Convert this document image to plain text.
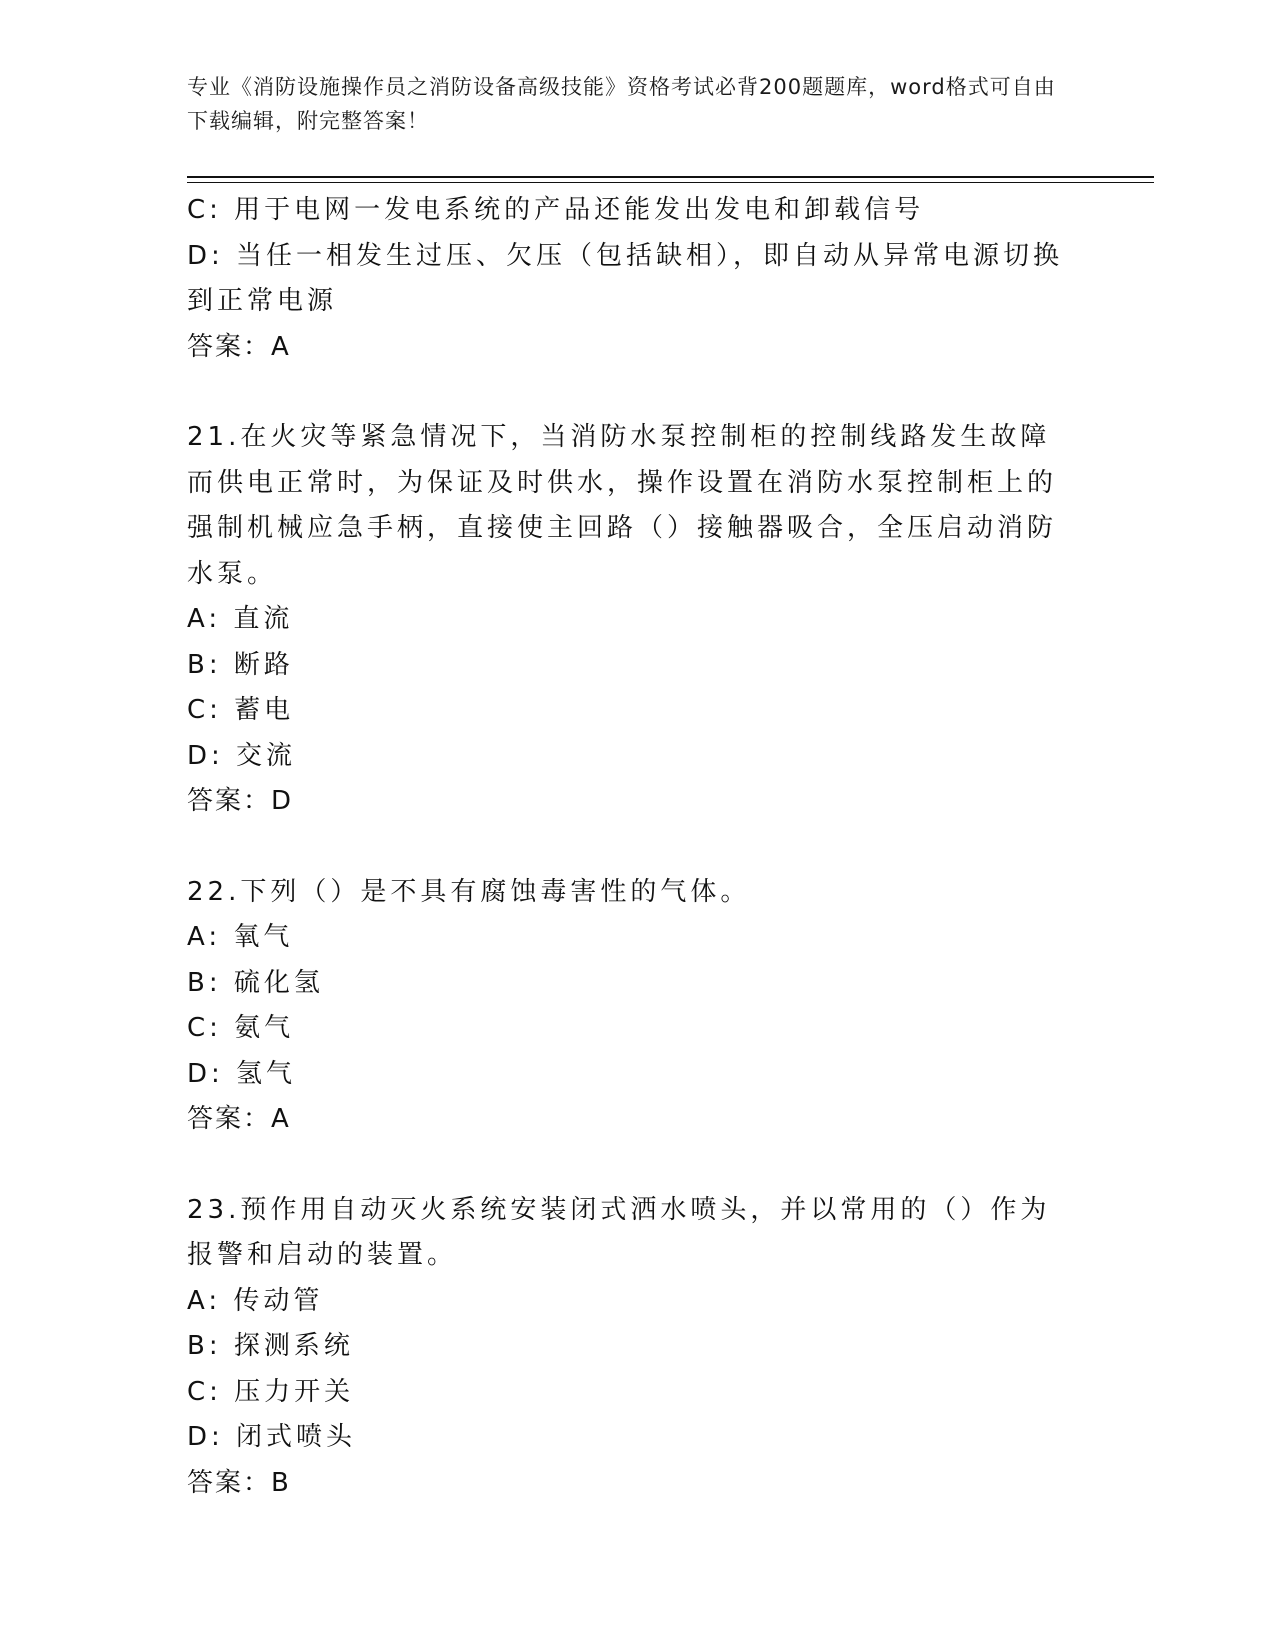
专业《消防设施操作员之消防设备高级技能》资格考试必背200题题库，word格式可自由下载编辑，附完整答案！
C: 用于电网一发电系统的产品还能发出发电和卸载信号
D: 当任一相发生过压、欠压（包括缺相），即自动从异常电源切换到正常电源
答案：A
21.在火灾等紧急情况下，当消防水泵控制柜的控制线路发生故障而供电正常时，为保证及时供水，操作设置在消防水泵控制柜上的强制机械应急手柄，直接使主回路（）接触器吸合，全压启动消防水泵。
A: 直流
B: 断路
C: 蓄电
D: 交流
答案：D
22.下列（）是不具有腐蚀毒害性的气体。
A: 氧气
B: 硫化氢
C: 氨气
D: 氢气
答案：A
23.预作用自动灭火系统安装闭式洒水喷头，并以常用的（）作为报警和启动的装置。
A: 传动管
B: 探测系统
C: 压力开关
D: 闭式喷头
答案：B
